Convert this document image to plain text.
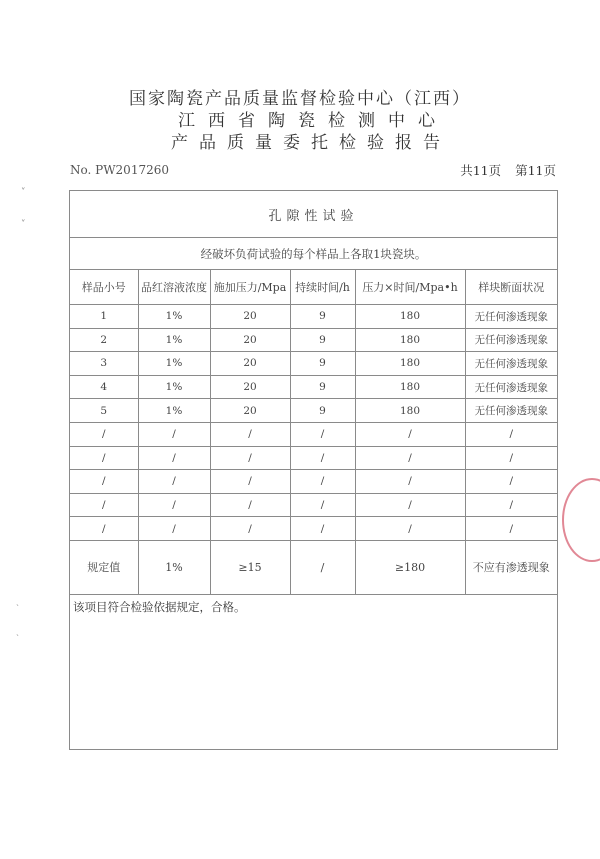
国家陶瓷产品质量监督检验中心（江西）
江西省陶瓷检测中心
产品质量委托检验报告
No. PW2017260	共11页 第11页
˅
˅
ˎ
ˎ
孔隙性试验					
经破坏负荷试验的每个样品上各取1块瓷块。					
样品小号	品红溶液浓度	施加压力/Mpa	持续时间/h	压力×时间/Mpa•h	样块断面状况
1	1%	20	9	180	无任何渗透现象
2	1%	20	9	180	无任何渗透现象
3	1%	20	9	180	无任何渗透现象
4	1%	20	9	180	无任何渗透现象
5	1%	20	9	180	无任何渗透现象
/	/	/	/	/	/
/	/	/	/	/	/
/	/	/	/	/	/
/	/	/	/	/	/
/	/	/	/	/	/
规定值	1%	≥15	/	≥180	不应有渗透现象
该项目符合检验依据规定，合格。
